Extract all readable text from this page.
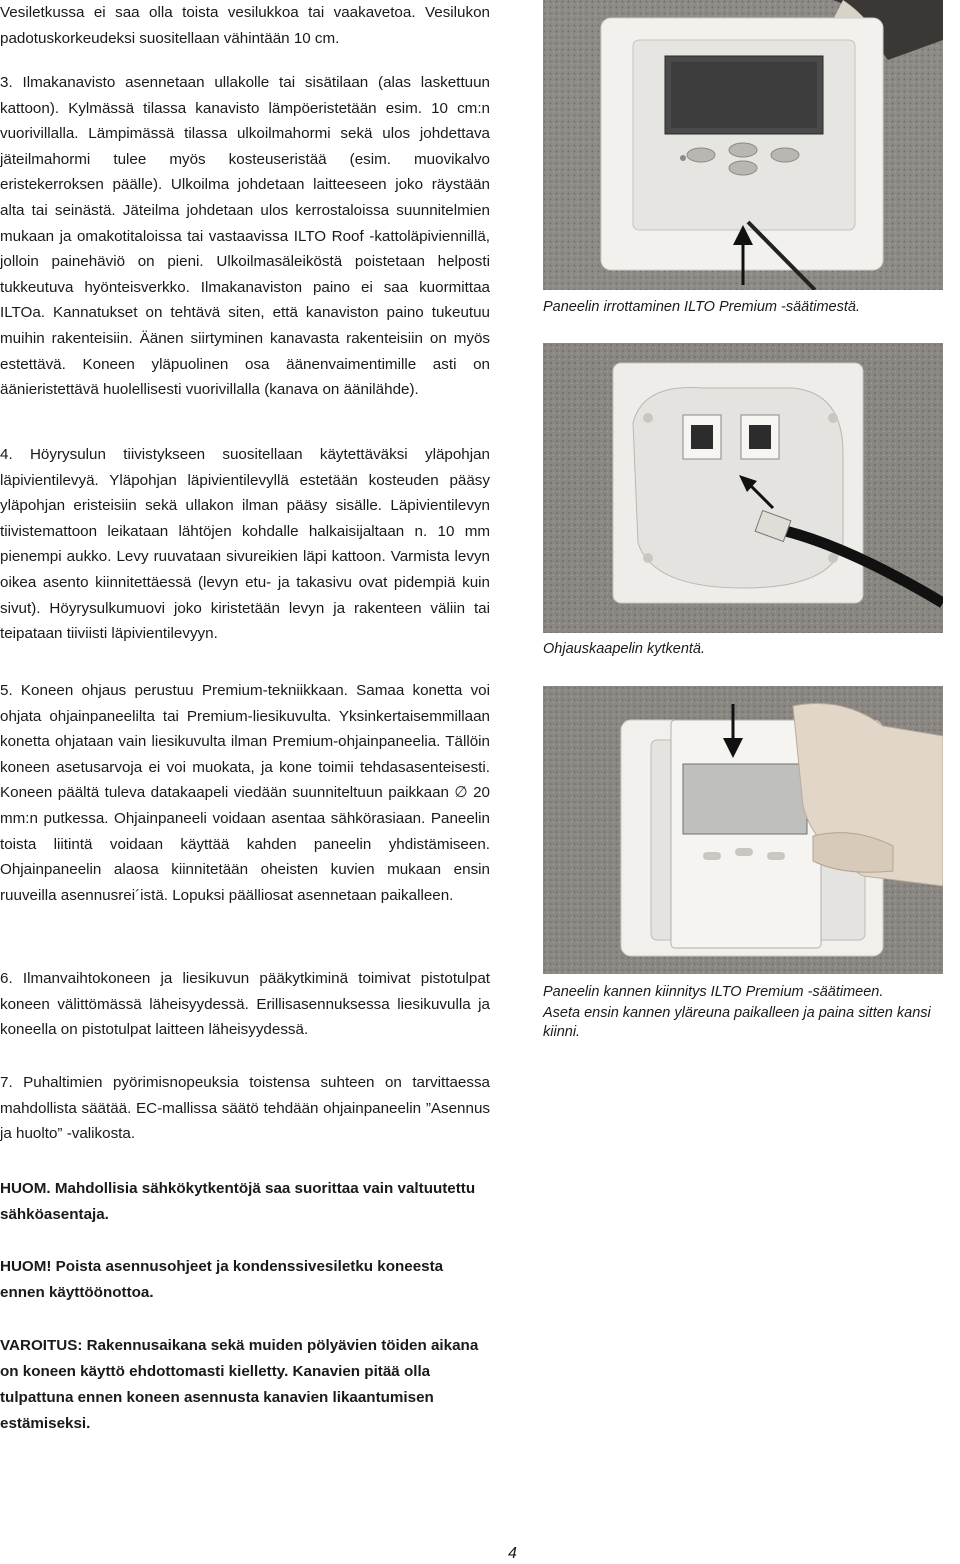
Vesiletkussa ei saa olla toista vesilukkoa tai vaakavetoa. Vesilukon padotuskorkeudeksi suositellaan vähintään 10 cm.

3. Ilmakanavisto asennetaan ullakolle tai sisätilaan (alas laskettuun kattoon). Kylmässä tilassa kanavisto lämpöeristetään esim. 10 cm:n vuorivillalla. Lämpimässä tilassa ulkoilmahormi sekä ulos johdettava jäteilmahormi tulee myös kosteuseristää (esim. muovikalvo eristekerroksen päälle). Ulkoilma johdetaan laitteeseen joko räystään alta tai seinästä. Jäteilma johdetaan ulos kerrostaloissa suunnitelmien mukaan ja omakotitaloissa tai vastaavissa ILTO Roof -kattoläpiviennillä, jolloin painehäviö on pieni. Ulkoilmasäleiköstä poistetaan helposti tukkeutuva hyönteisverkko. Ilmakanaviston paino ei saa kuormittaa ILTOa. Kannatukset on tehtävä siten, että kanaviston paino tukeutuu muihin rakenteisiin. Äänen siirtyminen kanavasta rakenteisiin on myös estettävä. Koneen yläpuolinen osa äänenvaimentimille asti on äänieristettävä huolellisesti vuorivillalla (kanava on äänilähde).

4. Höyrysulun tiivistykseen suositellaan käytettäväksi yläpohjan läpivientilevyä. Yläpohjan läpivientilevyllä estetään kosteuden pääsy yläpohjan eristeisiin sekä ullakon ilman pääsy sisälle. Läpivientilevyn tiivistemattoon leikataan lähtöjen kohdalle halkaisijaltaan n. 10 mm pienempi aukko. Levy ruuvataan sivureikien läpi kattoon. Varmista levyn oikea asento kiinnitettäessä (levyn etu- ja takasivu ovat pidempiä kuin sivut). Höyrysulkumuovi joko kiristetään levyn ja rakenteen väliin tai teipataan tiiviisti läpivientilevyyn.

5. Koneen ohjaus perustuu Premium-tekniikkaan. Samaa konetta voi ohjata ohjainpaneelilta tai Premium-liesikuvulta. Yksinkertaisemmillaan konetta ohjataan vain liesikuvulta ilman Premium-ohjainpaneelia. Tällöin koneen asetusarvoja ei voi muokata, ja kone toimii tehdasasenteisesti. Koneen päältä tuleva datakaapeli viedään suunniteltuun paikkaan ∅ 20 mm:n putkessa. Ohjainpaneeli voidaan asentaa sähkörasiaan. Paneelin toista liitintä voidaan käyttää kahden paneelin yhdistämiseen. Ohjainpaneelin alaosa kiinnitetään oheisten kuvien mukaan ensin ruuveilla asennusrei´istä. Lopuksi päälliosat asennetaan paikalleen.

6. Ilmanvaihtokoneen ja liesikuvun pääkytkiminä toimivat pistotulpat koneen välittömässä läheisyydessä. Erillisasennuksessa liesikuvulla ja koneella on pistotulpat laitteen läheisyydessä.

7. Puhaltimien pyörimisnopeuksia toistensa suhteen on tarvittaessa mahdollista säätää. EC-mallissa säätö tehdään ohjainpaneelin ”Asennus ja huolto” -valikosta.

HUOM. Mahdollisia sähkökytkentöjä saa suorittaa vain valtuutettu sähköasentaja.

HUOM! Poista asennusohjeet ja kondenssivesiletku koneesta ennen käyttöönottoa.

VAROITUS: Rakennusaikana sekä muiden pölyävien töiden aikana on koneen käyttö ehdottomasti kielletty. Kanavien pitää olla tulpattuna ennen koneen asennusta kanavien likaantumisen estämiseksi.

Paneelin irrottaminen ILTO Premium -säätimestä.

Ohjauskaapelin kytkentä.

Paneelin kannen kiinnitys ILTO Premium -säätimeen.

Aseta ensin kannen yläreuna paikalleen ja paina sitten kansi kiinni.

4
